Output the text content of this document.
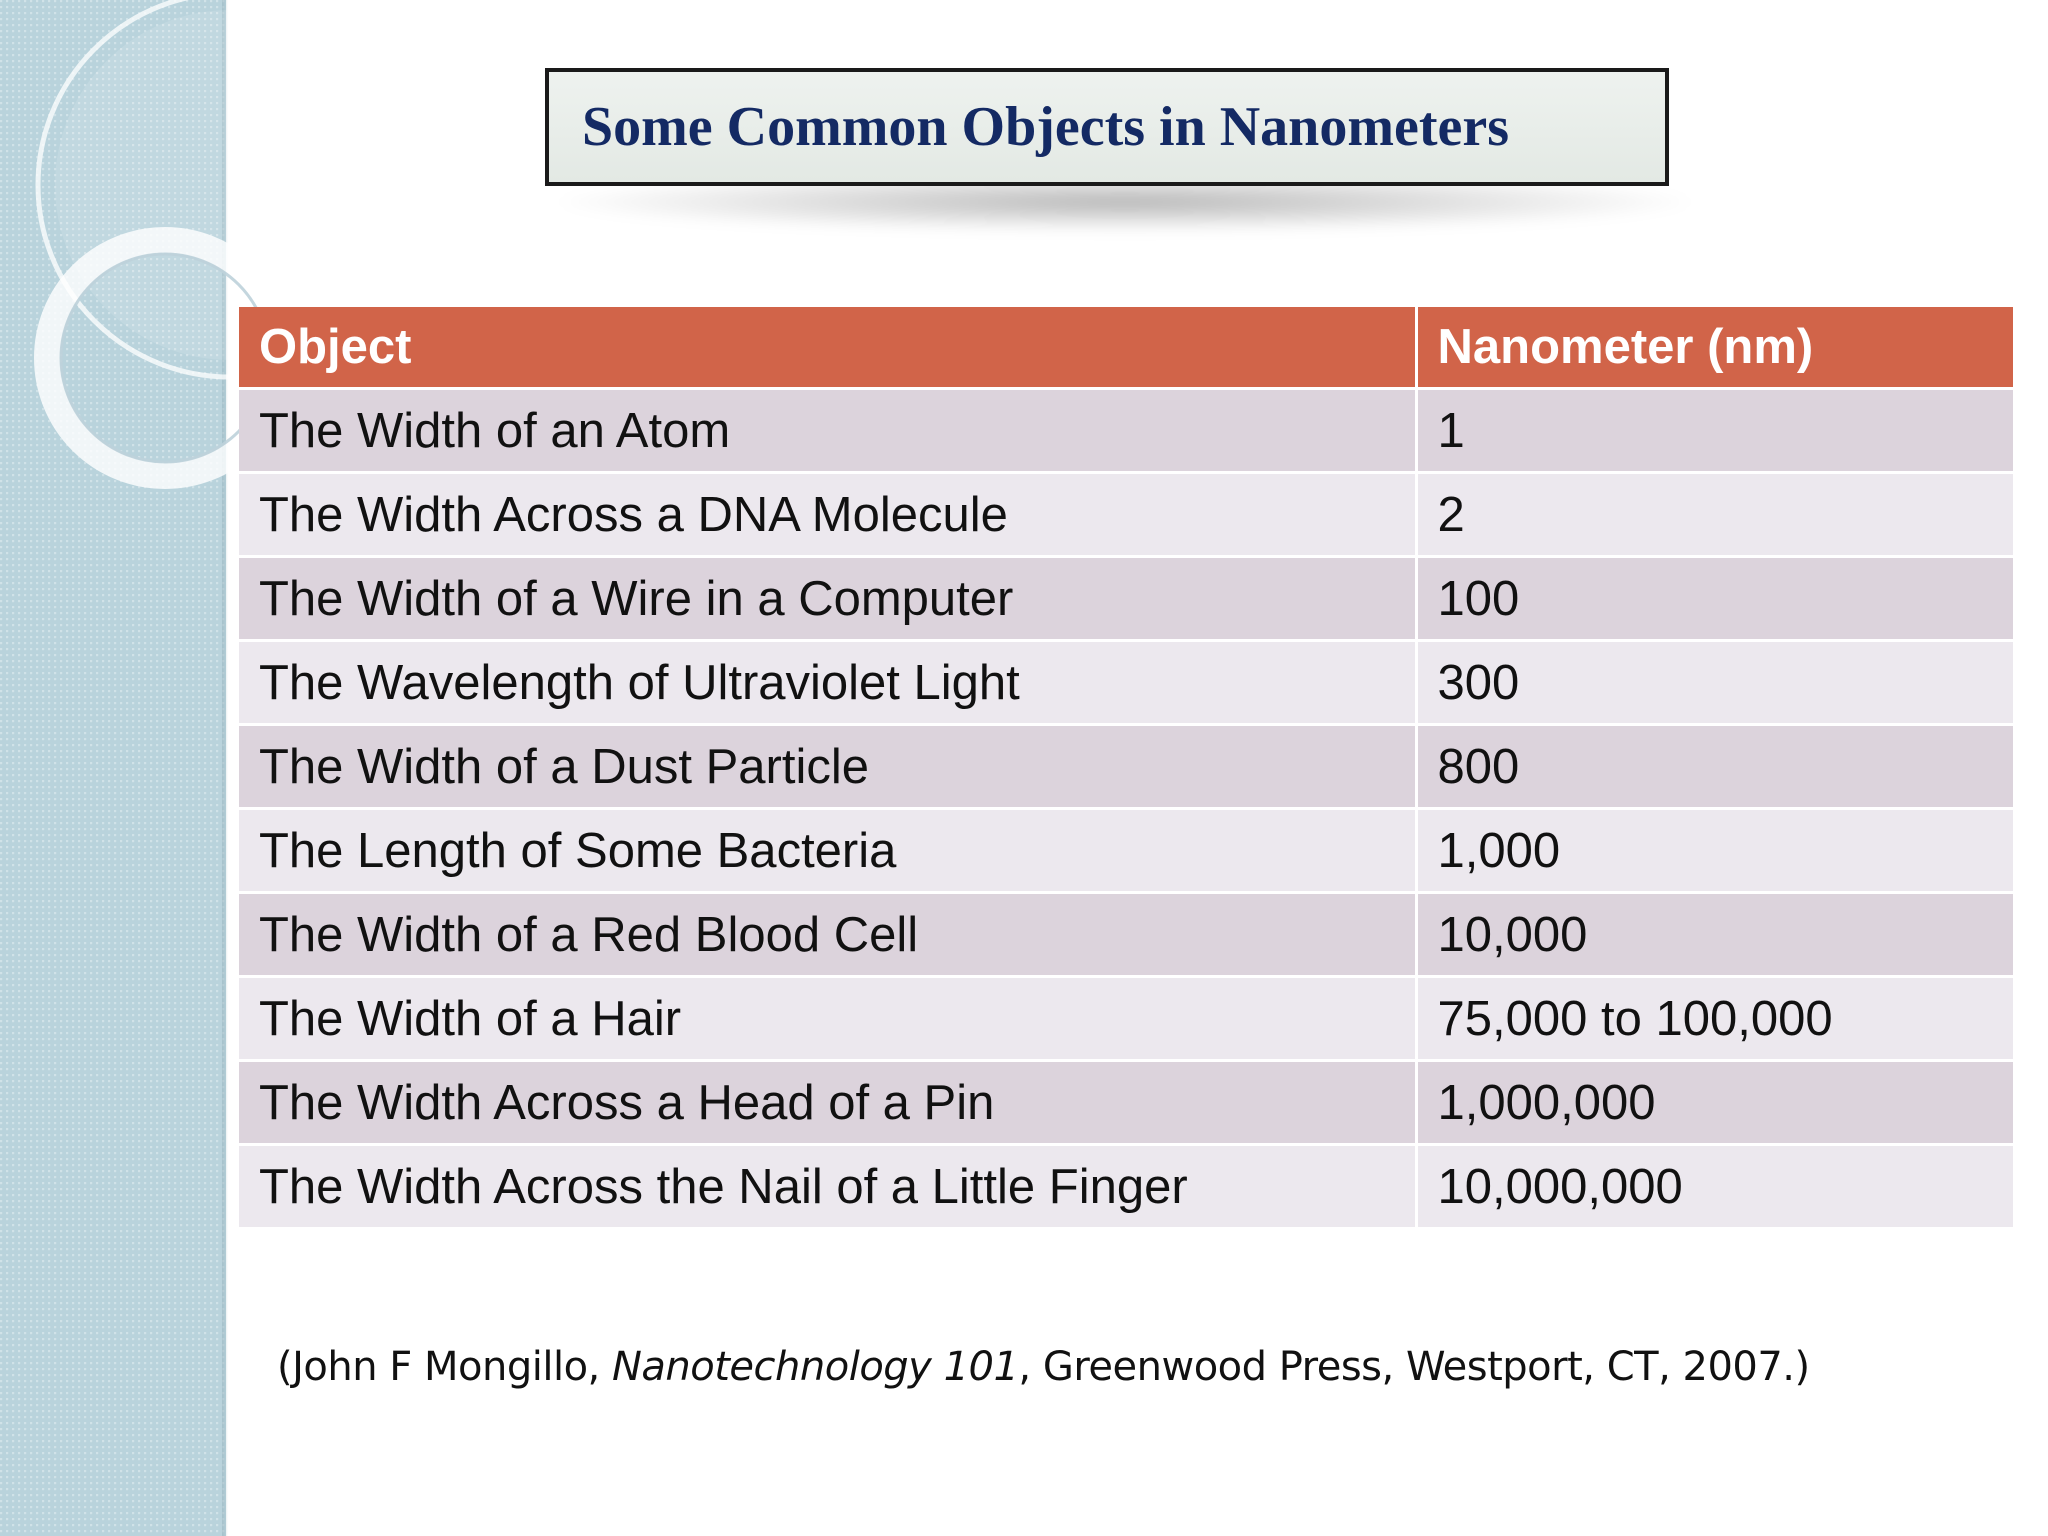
Some Common Objects in Nanometers
Object	Nanometer (nm)
The Width of an Atom	1
The Width Across a DNA Molecule	2
The Width of a Wire in a Computer	100
The Wavelength of Ultraviolet Light	300
The Width of a Dust Particle	800
The Length of Some Bacteria	1,000
The Width of a Red Blood Cell	10,000
The Width of a Hair	75,000 to 100,000
The Width Across a Head of a Pin	1,000,000
The Width Across the Nail of a Little Finger	10,000,000
(John F Mongillo, Nanotechnology 101, Greenwood Press, Westport, CT, 2007.)
